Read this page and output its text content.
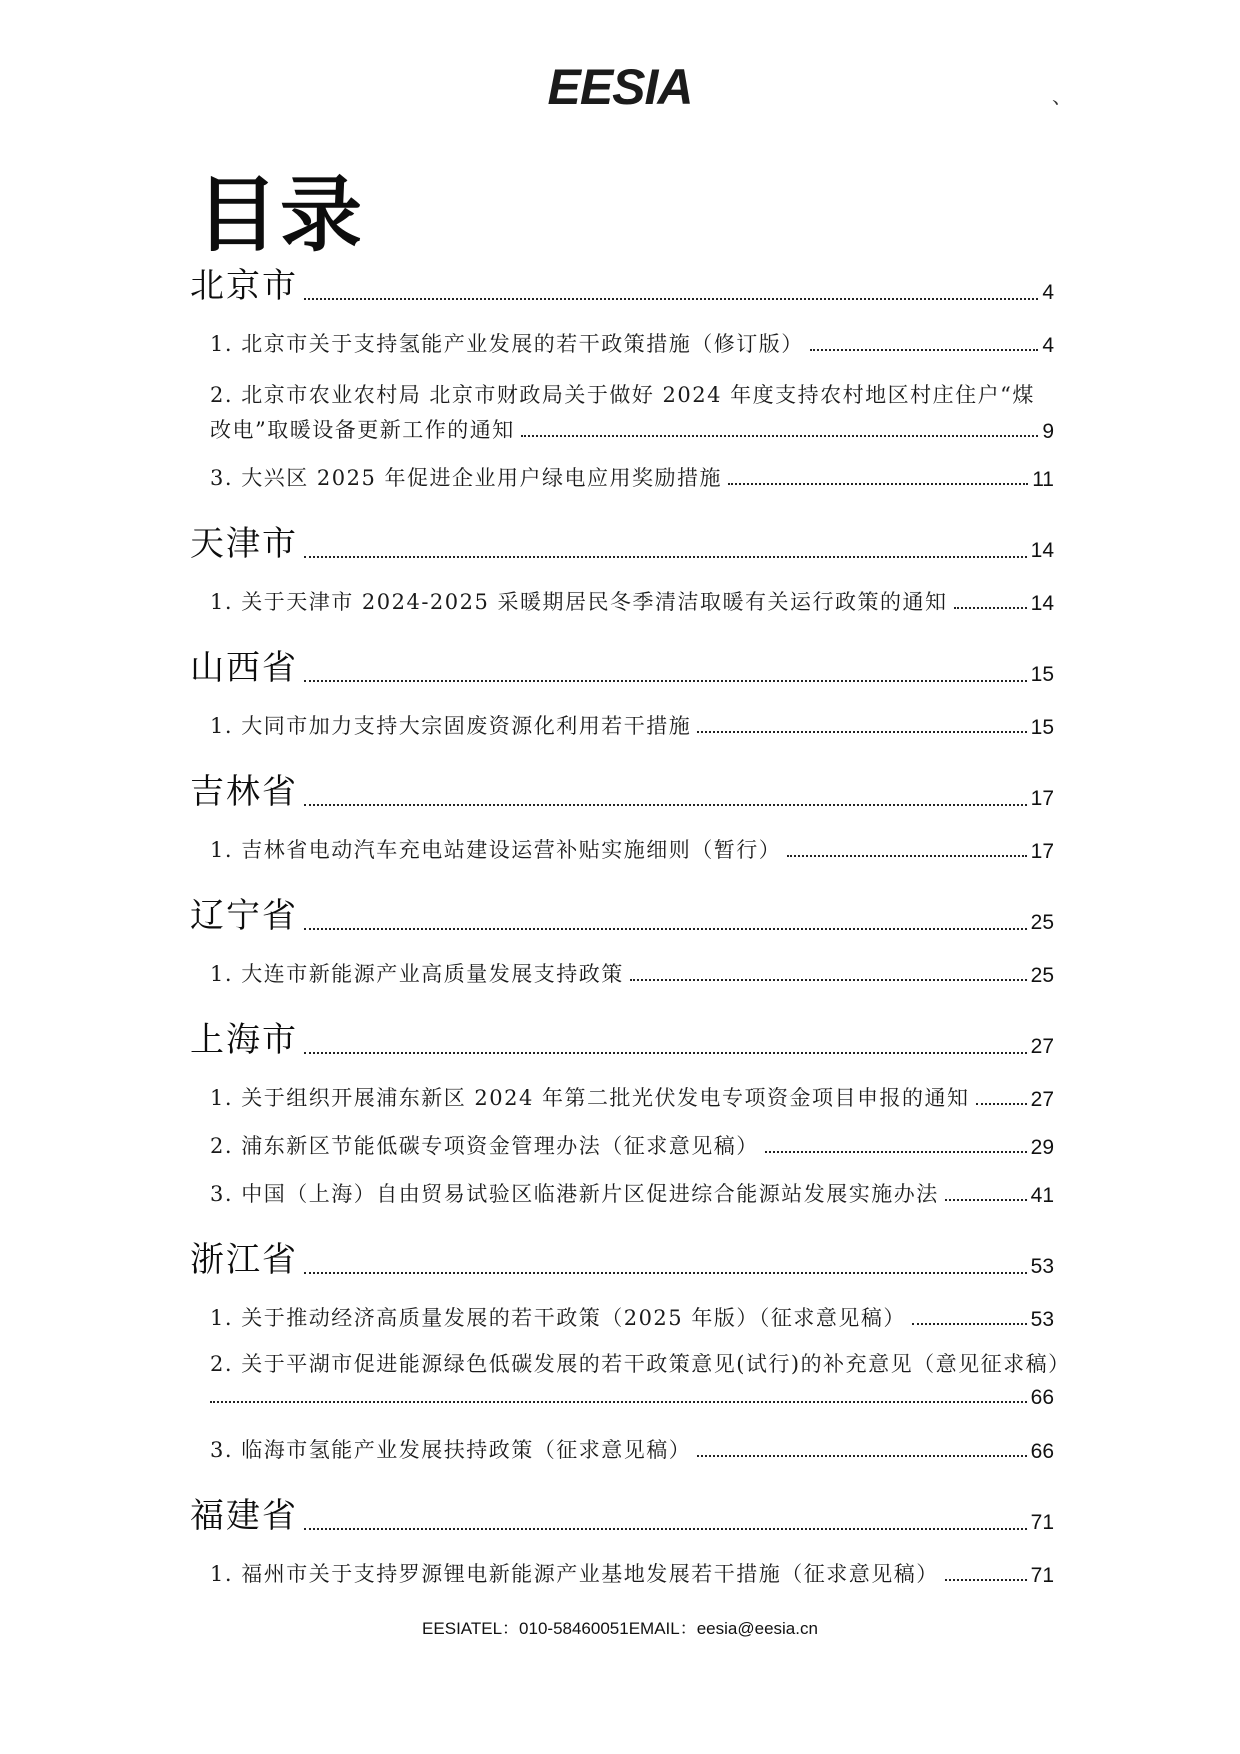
EESIA	、
目录
北京市	4
1. 北京市关于支持氢能产业发展的若干政策措施（修订版）	4
2. 北京市农业农村局 北京市财政局关于做好 2024 年度支持农村地区村庄住户“煤
改电”取暖设备更新工作的通知	9
3. 大兴区 2025 年促进企业用户绿电应用奖励措施	11
天津市	14
1. 关于天津市 2024-2025 采暖期居民冬季清洁取暖有关运行政策的通知	14
山西省	15
1. 大同市加力支持大宗固废资源化利用若干措施	15
吉林省	17
1. 吉林省电动汽车充电站建设运营补贴实施细则（暂行）	17
辽宁省	25
1. 大连市新能源产业高质量发展支持政策	25
上海市	27
1. 关于组织开展浦东新区 2024 年第二批光伏发电专项资金项目申报的通知	27
2. 浦东新区节能低碳专项资金管理办法（征求意见稿）	29
3. 中国（上海）自由贸易试验区临港新片区促进综合能源站发展实施办法	41
浙江省	53
1. 关于推动经济高质量发展的若干政策（2025 年版）（征求意见稿）	53
2. 关于平湖市促进能源绿色低碳发展的若干政策意见(试行)的补充意见（意见征求稿）
66
3. 临海市氢能产业发展扶持政策（征求意见稿）	66
福建省	71
1. 福州市关于支持罗源锂电新能源产业基地发展若干措施（征求意见稿）	71
EESIATEL：010-58460051EMAIL：eesia@eesia.cn
